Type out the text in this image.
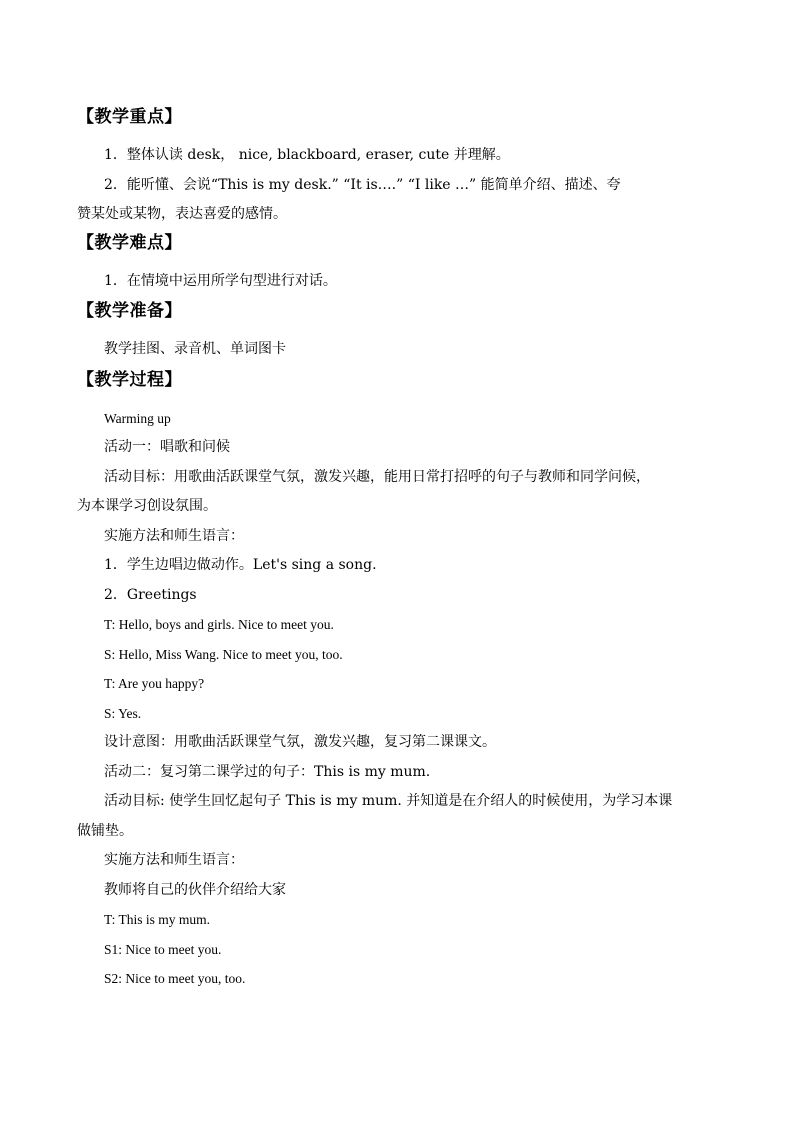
【教学重点】
1．整体认读 desk， nice, blackboard, eraser, cute 并理解。
2．能听懂、会说“This is my desk.” “It is….” “I like …” 能简单介绍、描述、夸
赞某处或某物，表达喜爱的感情。
【教学难点】
1．在情境中运用所学句型进行对话。
【教学准备】
教学挂图、录音机、单词图卡
【教学过程】
Warming up
活动一：唱歌和问候
活动目标：用歌曲活跃课堂气氛，激发兴趣，能用日常打招呼的句子与教师和同学问候，
为本课学习创设氛围。
实施方法和师生语言：
1．学生边唱边做动作。Let's sing a song.
2．Greetings
T: Hello, boys and girls. Nice to meet you.
S: Hello, Miss Wang. Nice to meet you, too.
T: Are you happy?
S: Yes.
设计意图：用歌曲活跃课堂气氛，激发兴趣，复习第二课课文。
活动二：复习第二课学过的句子：This is my mum.
活动目标: 使学生回忆起句子 This is my mum. 并知道是在介绍人的时候使用，为学习本课
做铺垫。
实施方法和师生语言：
教师将自己的伙伴介绍给大家
T: This is my mum.
S1: Nice to meet you.
S2: Nice to meet you, too.
